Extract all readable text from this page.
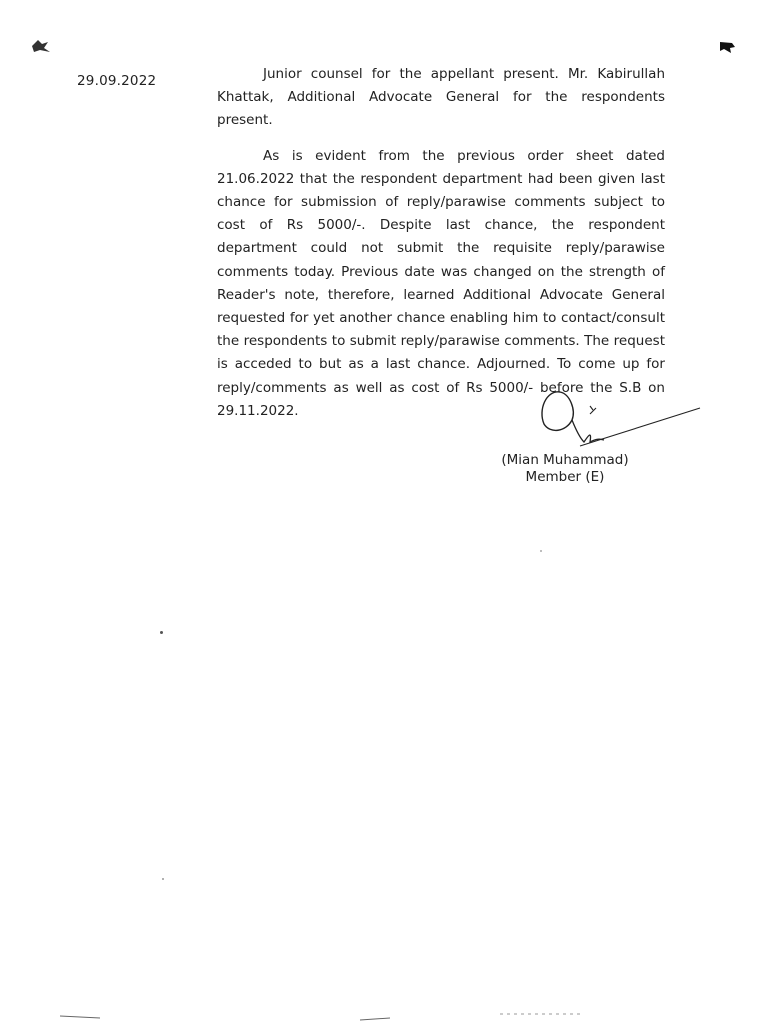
29.09.2022	Junior counsel for the appellant present. Mr. Kabirullah Khattak, Additional Advocate General for the respondents present.

As is evident from the previous order sheet dated 21.06.2022 that the respondent department had been given last chance for submission of reply/parawise comments subject to cost of Rs 5000/-. Despite last chance, the respondent department could not submit the requisite reply/parawise comments today. Previous date was changed on the strength of Reader's note, therefore, learned Additional Advocate General requested for yet another chance enabling him to contact/consult the respondents to submit reply/parawise comments. The request is acceded to but as a last chance. Adjourned. To come up for reply/comments as well as cost of Rs 5000/- before the S.B on 29.11.2022.

(Mian Muhammad)
Member (E)
